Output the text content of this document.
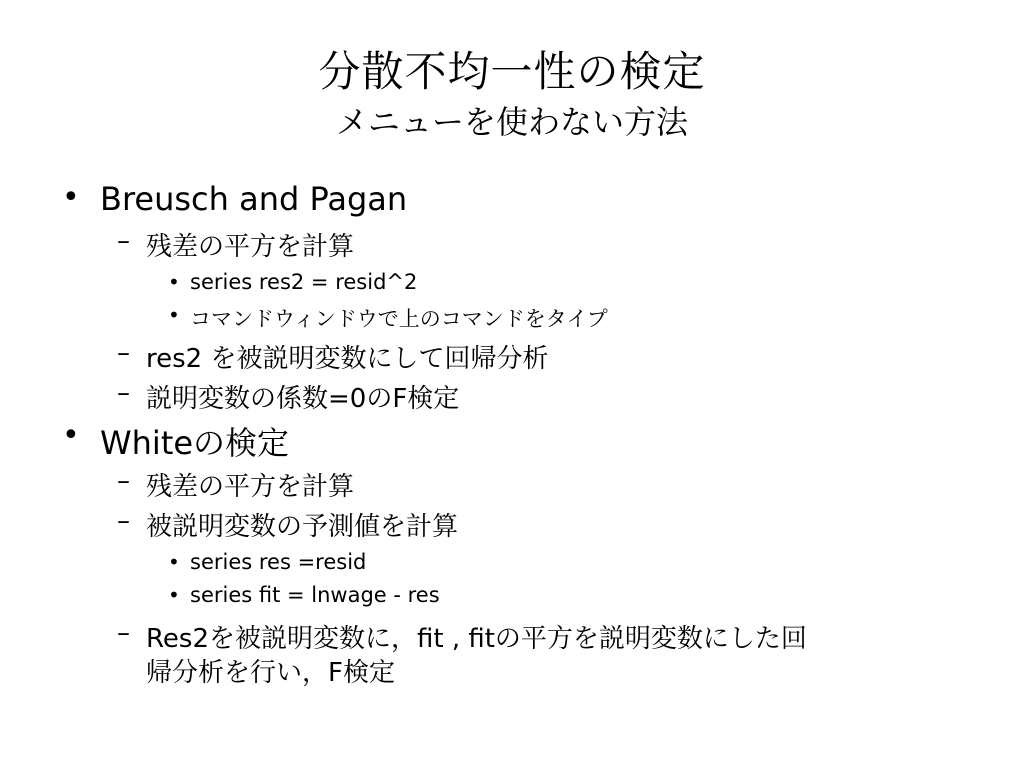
分散不均一性の検定
メニューを使わない方法
• Breusch and Pagan
– 残差の平方を計算
• series res2 = resid^2
• コマンドウィンドウで上のコマンドをタイプ
– res2 を被説明変数にして回帰分析
– 説明変数の係数=0のF検定
• Whiteの検定
– 残差の平方を計算
– 被説明変数の予測値を計算
• series res =resid
• series fit = lnwage - res
– Res2を被説明変数に，fit , fitの平方を説明変数にした回
帰分析を行い，F検定
